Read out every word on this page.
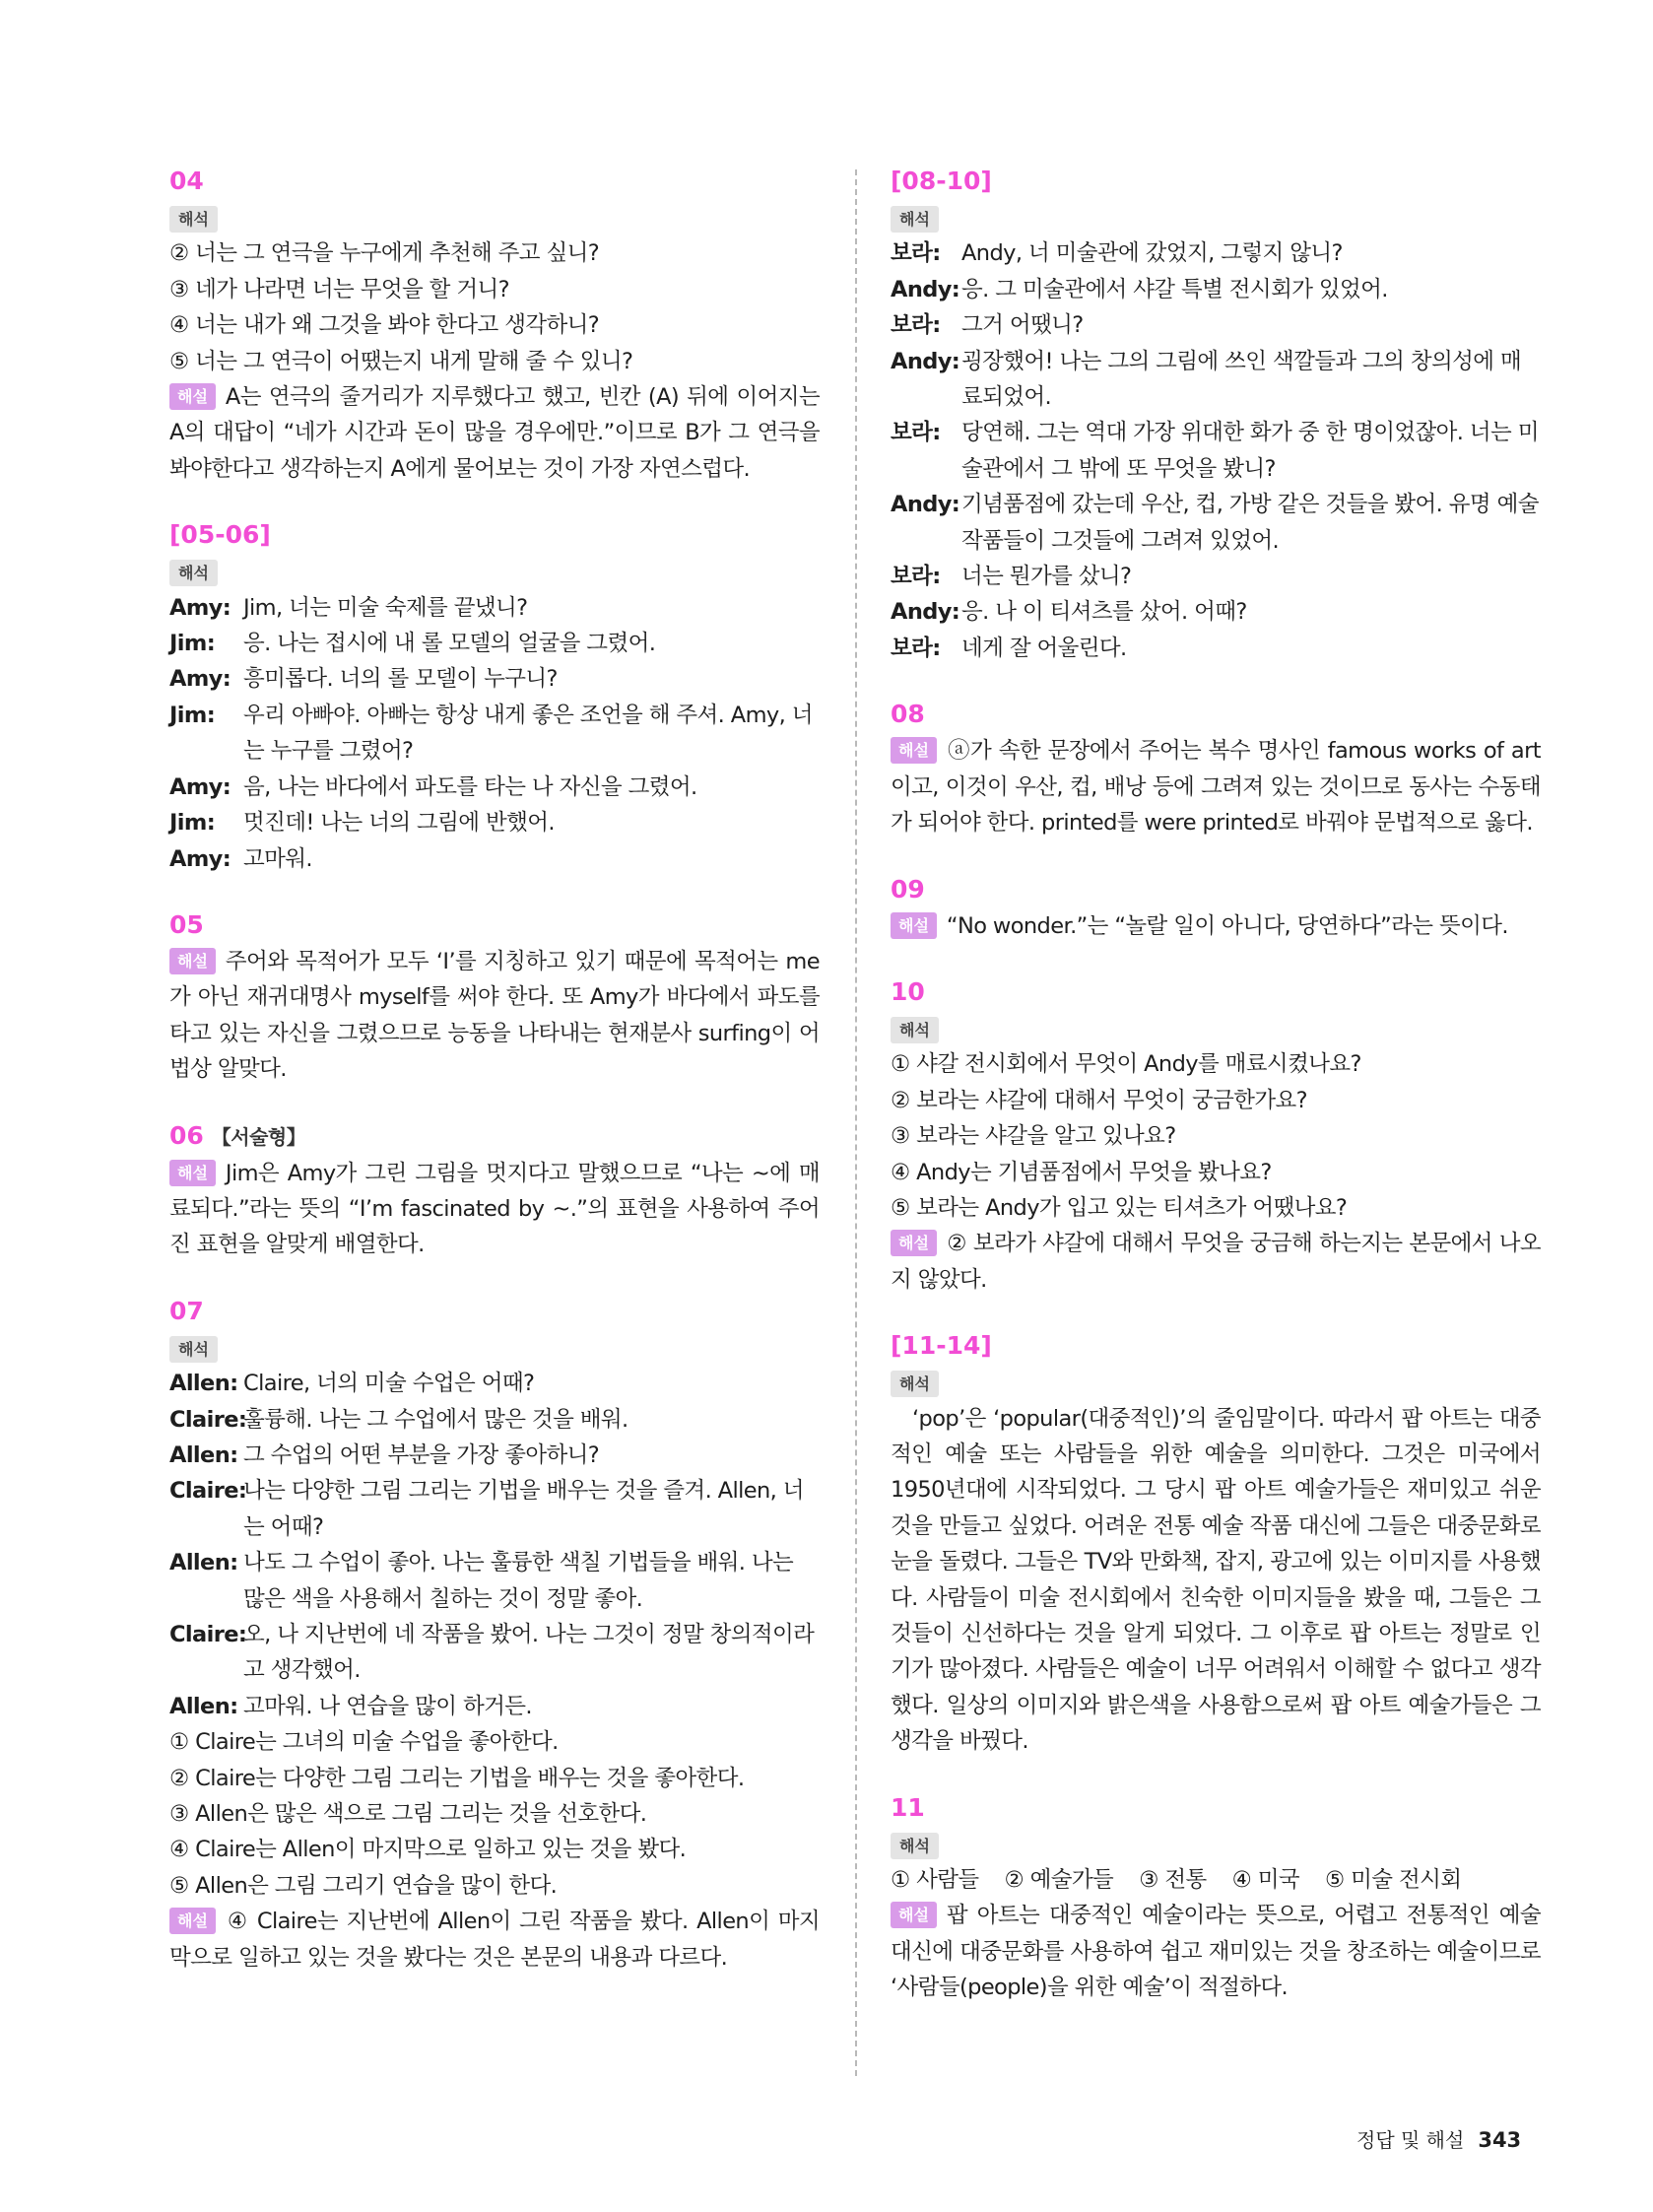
04
해석
② 너는 그 연극을 누구에게 추천해 주고 싶니?
③ 네가 나라면 너는 무엇을 할 거니?
④ 너는 내가 왜 그것을 봐야 한다고 생각하니?
⑤ 너는 그 연극이 어땠는지 내게 말해 줄 수 있니?
해설 A는 연극의 줄거리가 지루했다고 했고, 빈칸 (A) 뒤에 이어지는 A의 대답이 “네가 시간과 돈이 많을 경우에만.”이므로 B가 그 연극을 봐야한다고 생각하는지 A에게 물어보는 것이 가장 자연스럽다.
[05-06]
해석
Amy: Jim, 너는 미술 숙제를 끝냈니?
Jim:	응. 나는 접시에 내 롤 모델의 얼굴을 그렸어.
Amy: 흥미롭다. 너의 롤 모델이 누구니?
Jim:	우리 아빠야. 아빠는 항상 내게 좋은 조언을 해 주셔. Amy, 너는 누구를 그렸어?
Amy: 음, 나는 바다에서 파도를 타는 나 자신을 그렸어.
Jim:	멋진데! 나는 너의 그림에 반했어.
Amy: 고마워.
05
해설 주어와 목적어가 모두 ‘I’를 지칭하고 있기 때문에 목적어는 me가 아닌 재귀대명사 myself를 써야 한다. 또 Amy가 바다에서 파도를 타고 있는 자신을 그렸으므로 능동을 나타내는 현재분사 surfing이 어법상 알맞다.
06 【서술형】
해설 Jim은 Amy가 그린 그림을 멋지다고 말했으므로 “나는 ~에 매료되다.”라는 뜻의 “I’m fascinated by ~.”의 표현을 사용하여 주어진 표현을 알맞게 배열한다.
07
해석
Allen: Claire, 너의 미술 수업은 어때?
Claire:
훌륭해. 나는 그 수업에서 많은 것을 배워.
Allen: 그 수업의 어떤 부분을 가장 좋아하니?
Claire:
나는 다양한 그림 그리는 기법을 배우는 것을 즐겨. Allen, 너는 어때?
Allen: 나도 그 수업이 좋아. 나는 훌륭한 색칠 기법들을 배워. 나는 많은 색을 사용해서 칠하는 것이 정말 좋아.
Claire:
오, 나 지난번에 네 작품을 봤어. 나는 그것이 정말 창의적이라고 생각했어.
Allen: 고마워. 나 연습을 많이 하거든.
① Claire는 그녀의 미술 수업을 좋아한다.
② Claire는 다양한 그림 그리는 기법을 배우는 것을 좋아한다.
③ Allen은 많은 색으로 그림 그리는 것을 선호한다.
④ Claire는 Allen이 마지막으로 일하고 있는 것을 봤다.
⑤ Allen은 그림 그리기 연습을 많이 한다.
해설 ④ Claire는 지난번에 Allen이 그린 작품을 봤다. Allen이 마지막으로 일하고 있는 것을 봤다는 것은 본문의 내용과 다르다.
[08-10]
해석
보라: Andy, 너 미술관에 갔었지, 그렇지 않니?
Andy: 응. 그 미술관에서 샤갈 특별 전시회가 있었어.
보라: 그거 어땠니?
Andy: 굉장했어! 나는 그의 그림에 쓰인 색깔들과 그의 창의성에 매료되었어.
보라: 당연해. 그는 역대 가장 위대한 화가 중 한 명이었잖아. 너는 미술관에서 그 밖에 또 무엇을 봤니?
Andy: 기념품점에 갔는데 우산, 컵, 가방 같은 것들을 봤어. 유명 예술 작품들이 그것들에 그려져 있었어.
보라: 너는 뭔가를 샀니?
Andy: 응. 나 이 티셔츠를 샀어. 어때?
보라: 네게 잘 어울린다.
08
해설 ⓐ가 속한 문장에서 주어는 복수 명사인 famous works of art이고, 이것이 우산, 컵, 배낭 등에 그려져 있는 것이므로 동사는 수동태가 되어야 한다. printed를 were printed로 바꿔야 문법적으로 옳다.
09
해설 “No wonder.”는 “놀랄 일이 아니다, 당연하다”라는 뜻이다.
10
해석
① 샤갈 전시회에서 무엇이 Andy를 매료시켰나요?
② 보라는 샤갈에 대해서 무엇이 궁금한가요?
③ 보라는 샤갈을 알고 있나요?
④ Andy는 기념품점에서 무엇을 봤나요?
⑤ 보라는 Andy가 입고 있는 티셔츠가 어땠나요?
해설 ② 보라가 샤갈에 대해서 무엇을 궁금해 하는지는 본문에서 나오지 않았다.
[11-14]
해석
‘pop’은 ‘popular(대중적인)’의 줄임말이다. 따라서 팝 아트는 대중적인 예술 또는 사람들을 위한 예술을 의미한다. 그것은 미국에서 1950년대에 시작되었다. 그 당시 팝 아트 예술가들은 재미있고 쉬운 것을 만들고 싶었다. 어려운 전통 예술 작품 대신에 그들은 대중문화로 눈을 돌렸다. 그들은 TV와 만화책, 잡지, 광고에 있는 이미지를 사용했다. 사람들이 미술 전시회에서 친숙한 이미지들을 봤을 때, 그들은 그것들이 신선하다는 것을 알게 되었다. 그 이후로 팝 아트는 정말로 인기가 많아졌다. 사람들은 예술이 너무 어려워서 이해할 수 없다고 생각했다. 일상의 이미지와 밝은색을 사용함으로써 팝 아트 예술가들은 그 생각을 바꿨다.
11
해석
① 사람들 ② 예술가들 ③ 전통 ④ 미국 ⑤ 미술 전시회
해설 팝 아트는 대중적인 예술이라는 뜻으로, 어렵고 전통적인 예술 대신에 대중문화를 사용하여 쉽고 재미있는 것을 창조하는 예술이므로 ‘사람들(people)을 위한 예술’이 적절하다.
정답 및 해설 343
